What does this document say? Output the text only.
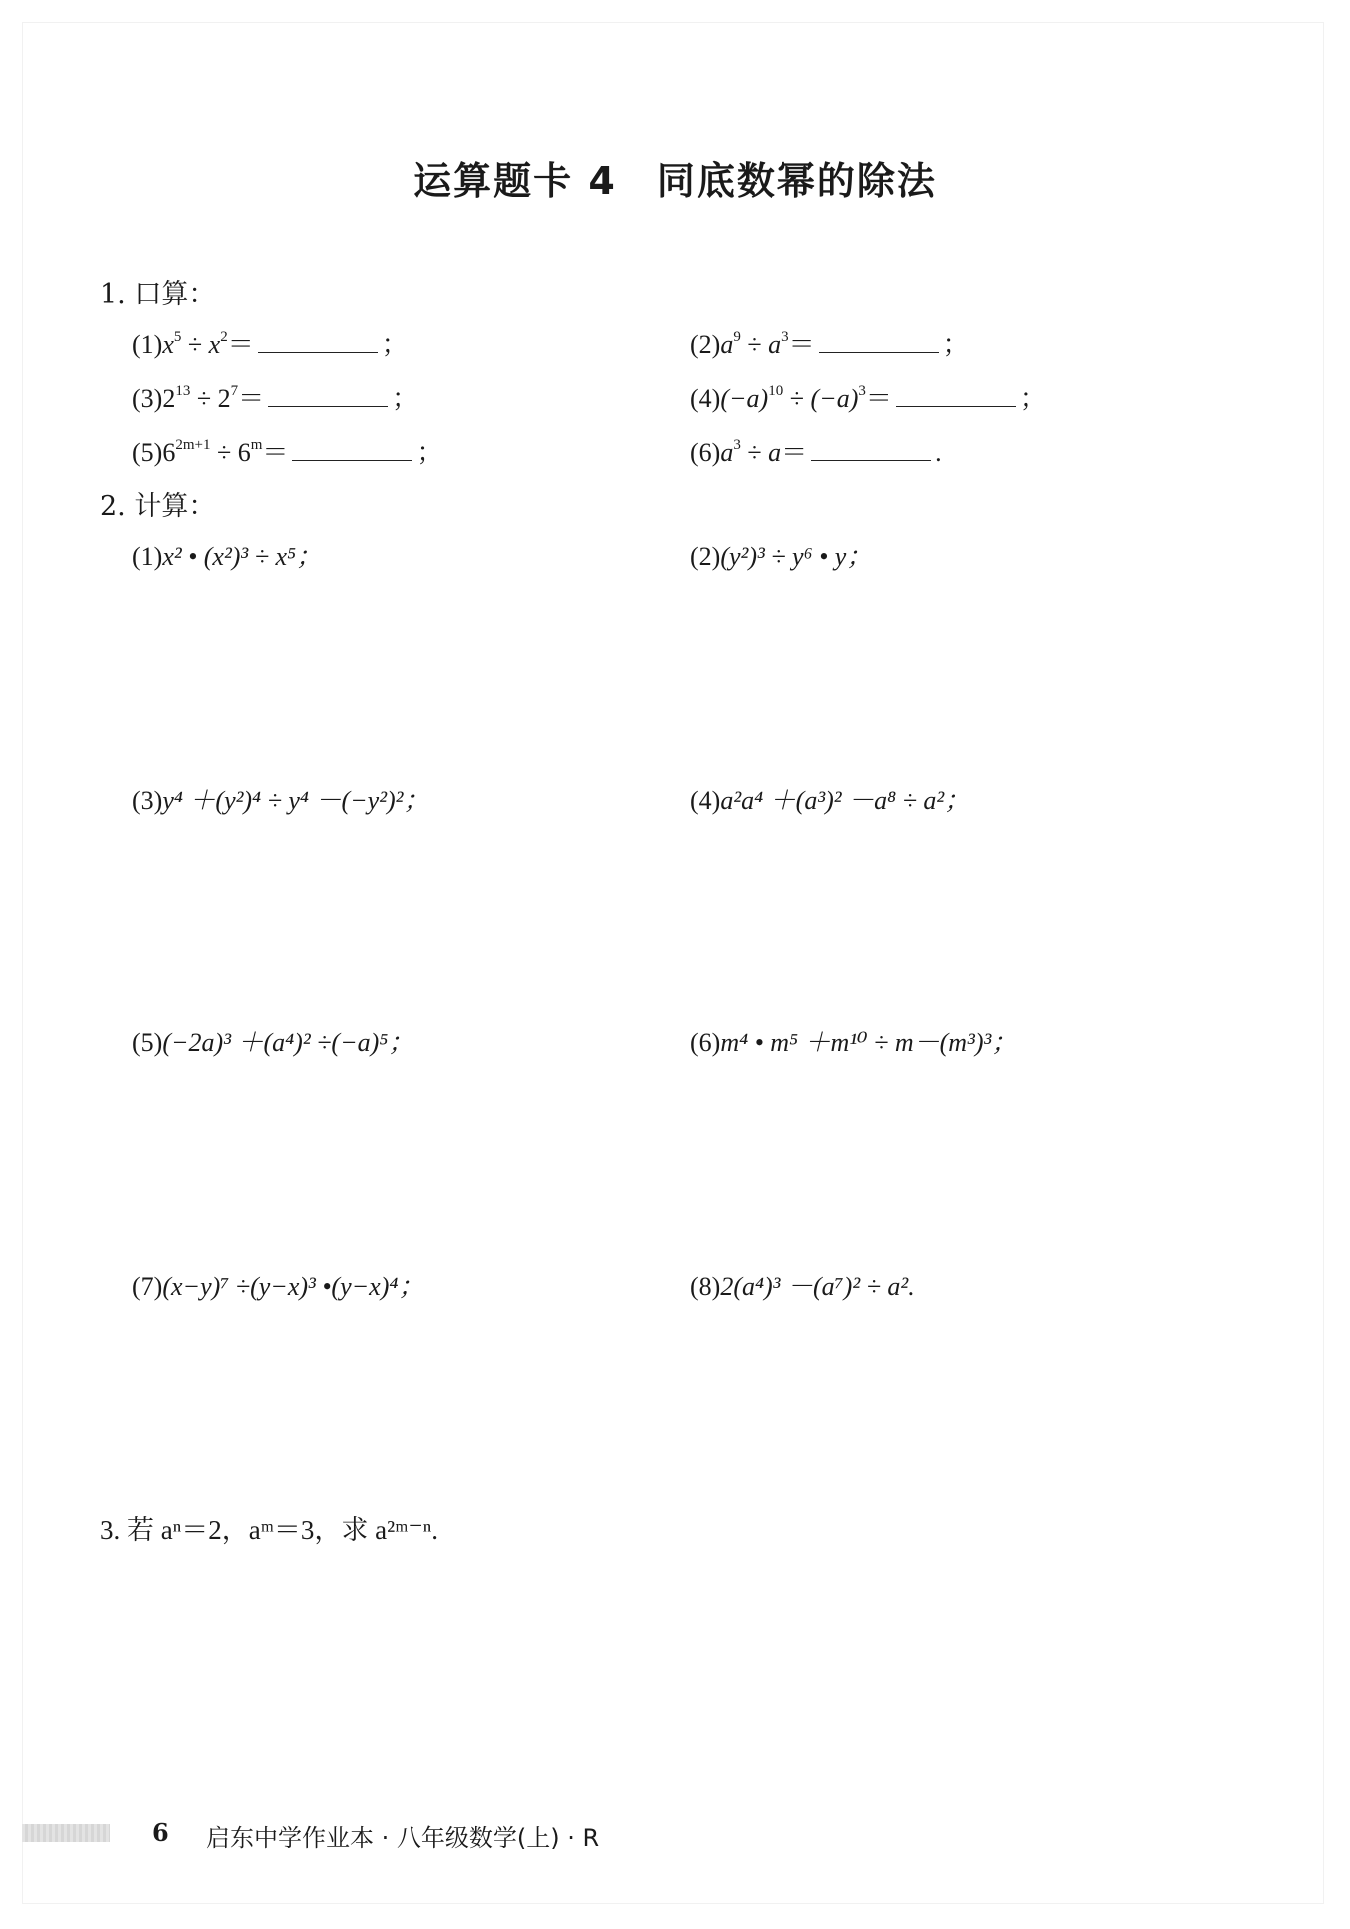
运算题卡 4　同底数幂的除法
1. 口算：
$(1)x^5 \div x^2=$	；	$(2)a^9 \div a^3=$	；
$(3)2^{13} \div 2^7=$	；	$(4)(-a)^{10} \div (-a)^3=$	；
$(5)6^{2m+1} \div 6^m=$	；	$(6)a^3 \div a=$	.
2. 计算：
(1)x² • (x²)³ ÷ x⁵；	(2)(y²)³ ÷ y⁶ • y；
(3)y⁴ ＋(y²)⁴ ÷ y⁴ －(−y²)²；	(4)a²a⁴ ＋(a³)² －a⁸ ÷ a²；
(5)(−2a)³ ＋(a⁴)² ÷(−a)⁵；	(6)m⁴ • m⁵ ＋m¹⁰ ÷ m－(m³)³；
(7)(x−y)⁷ ÷(y−x)³ •(y−x)⁴；	(8)2(a⁴)³ －(a⁷)² ÷ a².
3. 若 aⁿ＝2，aᵐ＝3，求 a²ᵐ⁻ⁿ.
6 启东中学作业本 · 八年级数学(上) · R
